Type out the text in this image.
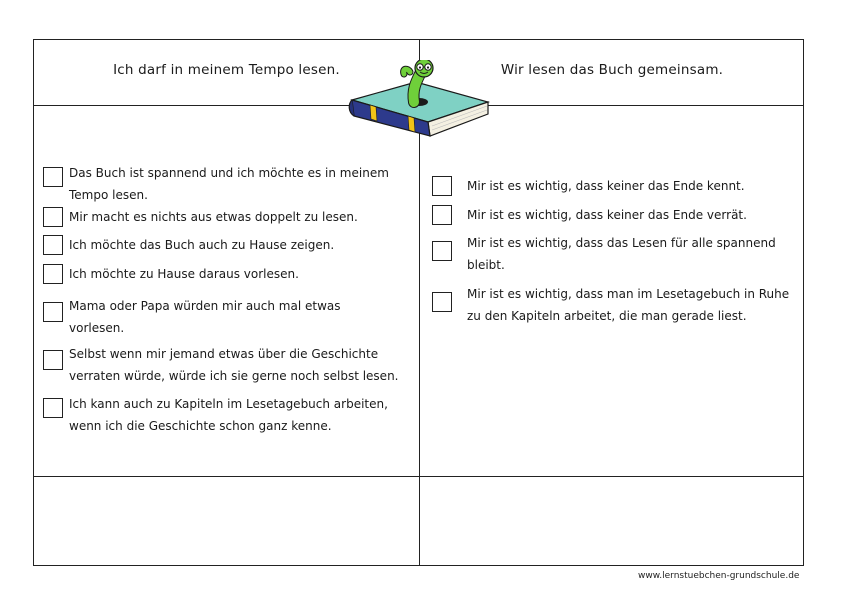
Ich darf in meinem Tempo lesen.	Wir lesen das Buch gemeinsam.
Das Buch ist spannend und ich möchte es in meinem Tempo lesen.
Mir macht es nichts aus etwas doppelt zu lesen.
Ich möchte das Buch auch zu Hause zeigen.
Ich möchte zu Hause daraus vorlesen.
Mama oder Papa würden mir auch mal etwas vorlesen.
Selbst wenn mir jemand etwas über die Geschichte verraten würde, würde ich sie gerne noch selbst lesen.
Ich kann auch zu Kapiteln im Lesetagebuch arbeiten, wenn ich die Geschichte schon ganz kenne.
Mir ist es wichtig, dass keiner das Ende kennt.
Mir ist es wichtig, dass keiner das Ende verrät.
Mir ist es wichtig, dass das Lesen für alle spannend bleibt.
Mir ist es wichtig, dass man im Lesetagebuch in Ruhe zu den Kapiteln arbeitet, die man gerade liest.
www.lernstuebchen-grundschule.de
